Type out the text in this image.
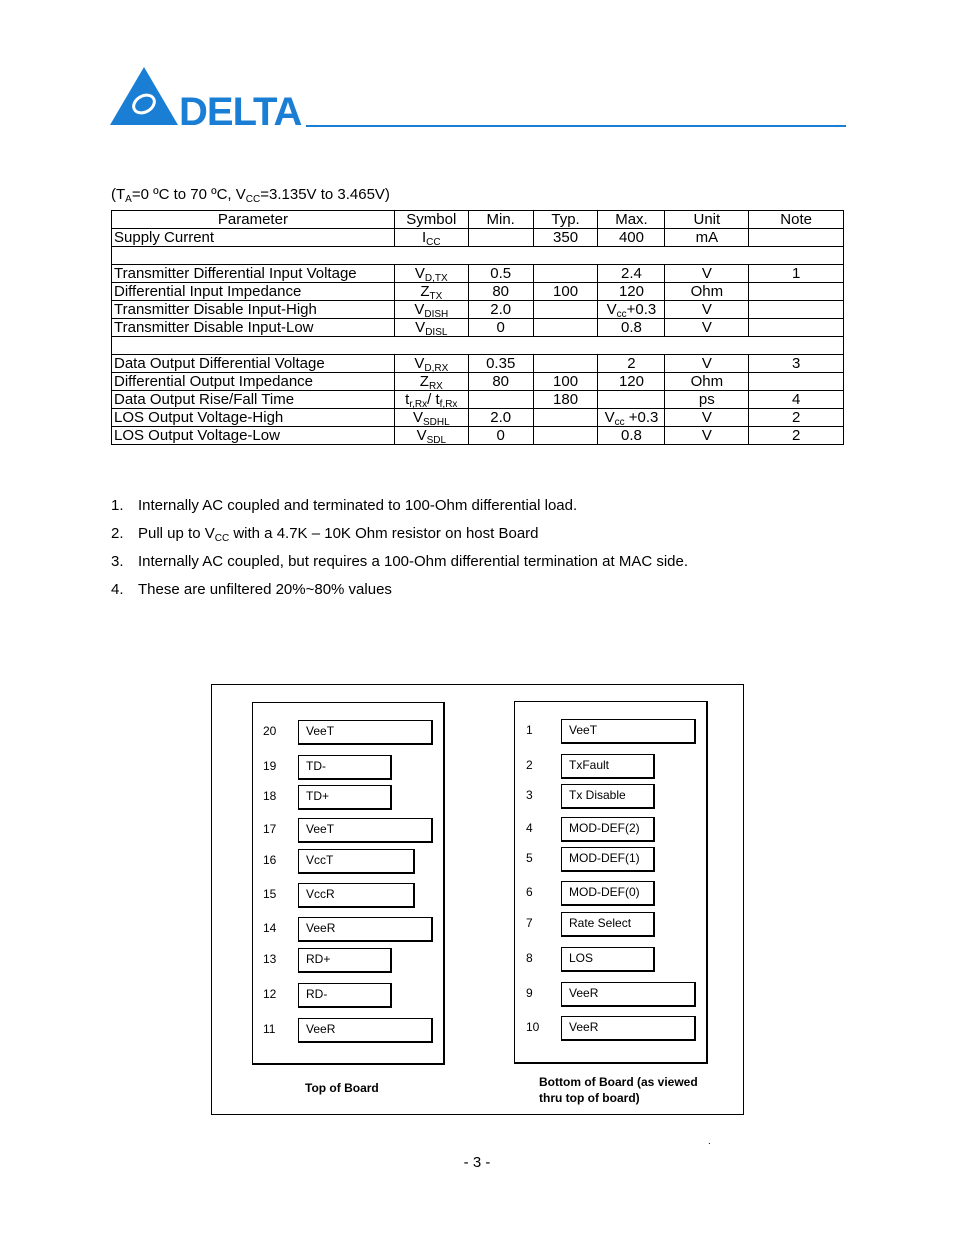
DELTA
($T_A=0$ ºC to 70 ºC, $V_{CC}=3.135V$ to 3.465V)
Parameter	Symbol	Min.	Typ.	Max.	Unit	Note
Supply Current	$I_{CC}$		350	400	mA	

Transmitter Differential Input Voltage	$V_{D,TX}$	0.5		2.4	V	1
Differential Input Impedance	$Z_{TX}$	80	100	120	Ohm	
Transmitter Disable Input-High	$V_{DISH}$	2.0		$V_{cc}+0.3$	V	
Transmitter Disable Input-Low	$V_{DISL}$	0		0.8	V	

Data Output Differential Voltage	$V_{D,RX}$	0.35		2	V	3
Differential Output Impedance	$Z_{RX}$	80	100	120	Ohm	
Data Output Rise/Fall Time	$t_{r,Rx}/$ $t_{f,Rx}$		180		ps	4
LOS Output Voltage-High	$V_{SDHL}$	2.0		$V_{cc} +0.3$	V	2
LOS Output Voltage-Low	$V_{SDL}$	0		0.8	V	2
1. Internally AC coupled and terminated to 100-Ohm differential load.
2. Pull up to $V_{CC}$ with a 4.7K – 10K Ohm resistor on host Board
3. Internally AC coupled, but requires a 100-Ohm differential termination at MAC side.
4. These are unfiltered 20%~80% values
20	VeeT
19	TD-
18	TD+
17	VeeT
16	VccT
15	VccR
14	VeeR
13	RD+
12	RD-
11	VeeR
1	VeeT
2	TxFault
3	Tx Disable
4	MOD-DEF(2)
5	MOD-DEF(1)
6	MOD-DEF(0)
7	Rate Select
8	LOS
9	VeeR
10	VeeR
Top of Board	Bottom of Board (as viewed
thru top of board)
.
- 3 -
